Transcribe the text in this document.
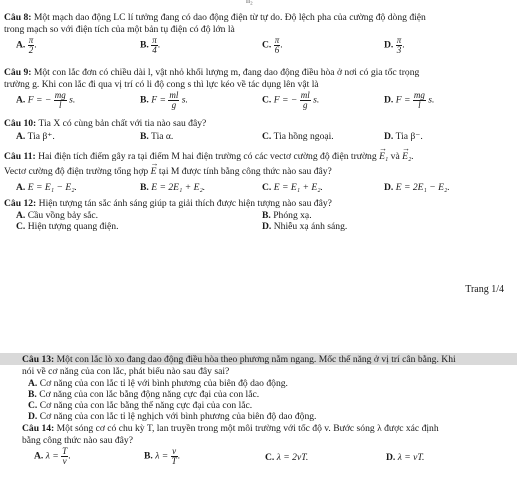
n₂
Câu 8: Một mạch dao động LC lí tưởng đang có dao động điện từ tự do. Độ lệch pha của cường độ dòng điện
trong mạch so với điện tích của một bản tụ điện có độ lớn là
A. $\frac{\pi}{2}$ .	B. $\frac{\pi}{4}$ .	C. $\frac{\pi}{6}$ .	D. $\frac{\pi}{3}$ .
Câu 9: Một con lắc đơn có chiều dài l, vật nhỏ khối lượng m, đang dao động điều hòa ở nơi có gia tốc trọng
trường g. Khi con lắc đi qua vị trí có li độ cong s thì lực kéo về tác dụng lên vật là
A. F = − $\frac{mg}{l} s$.	B. $F = \frac{ml}{g} s$.	C. F = − $\frac{ml}{g} s$.	D. $F = \frac{mg}{l} s$.
Câu 10: Tia X có cùng bản chất với tia nào sau đây?
A. Tia β⁺.	B. Tia α.	C. Tia hồng ngoại.	D. Tia β⁻.
Câu 11: Hai điện tích điểm gây ra tại điểm M hai điện trường có các vectơ cường độ điện trường → E₁ và → E₂.
Vectơ cường độ điện trường tổng hợp → E tại M được tính bằng công thức nào sau đây?
A. E = E₁ − E₂.	B. E = 2E₁ + E₂.	C. E = E₁ + E₂.	D. E = 2E₁ − E₂.
Câu 12: Hiện tượng tán sắc ánh sáng giúp ta giải thích được hiện tượng nào sau đây?
A. Cầu vồng bảy sắc.	B. Phóng xạ.
C. Hiện tượng quang điện.	D. Nhiễu xạ ánh sáng.
Trang 1/4
Câu 13: Một con lắc lò xo đang dao động điều hòa theo phương nằm ngang. Mốc thế năng ở vị trí cân bằng. Khi
nói về cơ năng của con lắc, phát biểu nào sau đây sai?
A. Cơ năng của con lắc tỉ lệ với bình phương của biên độ dao động.
B. Cơ năng của con lắc bằng động năng cực đại của con lắc.
C. Cơ năng của con lắc bằng thế năng cực đại của con lắc.
D. Cơ năng của con lắc tỉ lệ nghịch với bình phương của biên độ dao động.
Câu 14: Một sóng cơ có chu kỳ T, lan truyền trong một môi trường với tốc độ v. Bước sóng λ được xác định
bằng công thức nào sau đây?
A. $\lambda = \frac{T}{v}$ .	B. $\lambda = \frac{v}{T}$ .	C. λ = 2vT.	D. λ = vT.
